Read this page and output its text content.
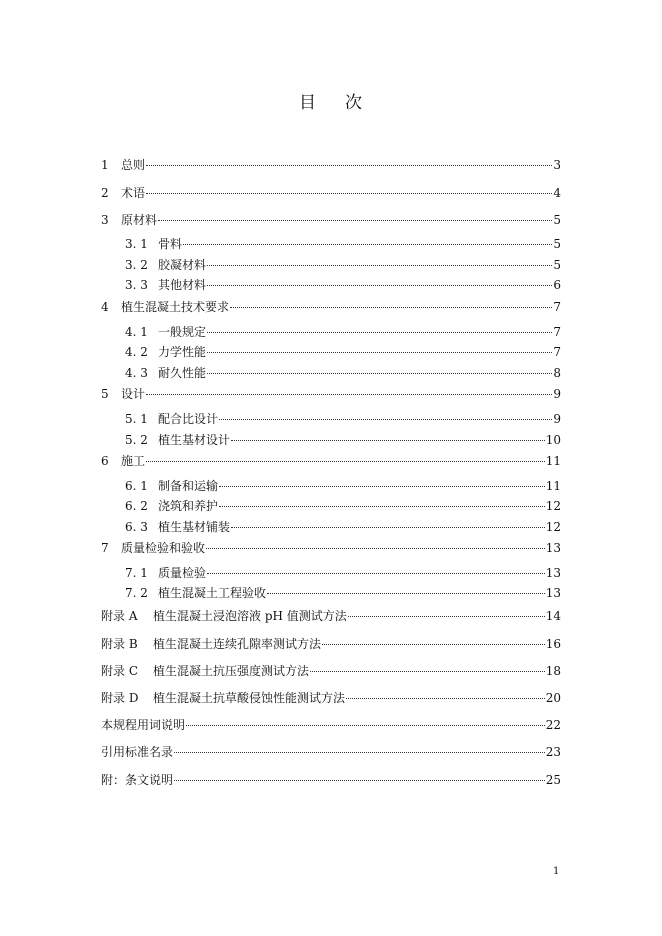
目 次
1	总则	3
2	术语	4
3	原材料	5
3. 1 骨料	5
3. 2 胶凝材料	5
3. 3 其他材料	6
4	植生混凝土技术要求	7
4. 1 一般规定	7
4. 2 力学性能	7
4. 3 耐久性能	8
5	设计	9
5. 1 配合比设计	9
5. 2 植生基材设计	10
6	施工	11
6. 1 制备和运输	11
6. 2 浇筑和养护	12
6. 3 植生基材铺装	12
7	质量检验和验收	13
7. 1 质量检验	13
7. 2 植生混凝土工程验收	13
附录 A	植生混凝土浸泡溶液 pH 值测试方法	14
附录 B	植生混凝土连续孔隙率测试方法	16
附录 C	植生混凝土抗压强度测试方法	18
附录 D	植生混凝土抗草酸侵蚀性能测试方法	20
本规程用词说明	22
引用标准名录	23
附：条文说明	25
1
